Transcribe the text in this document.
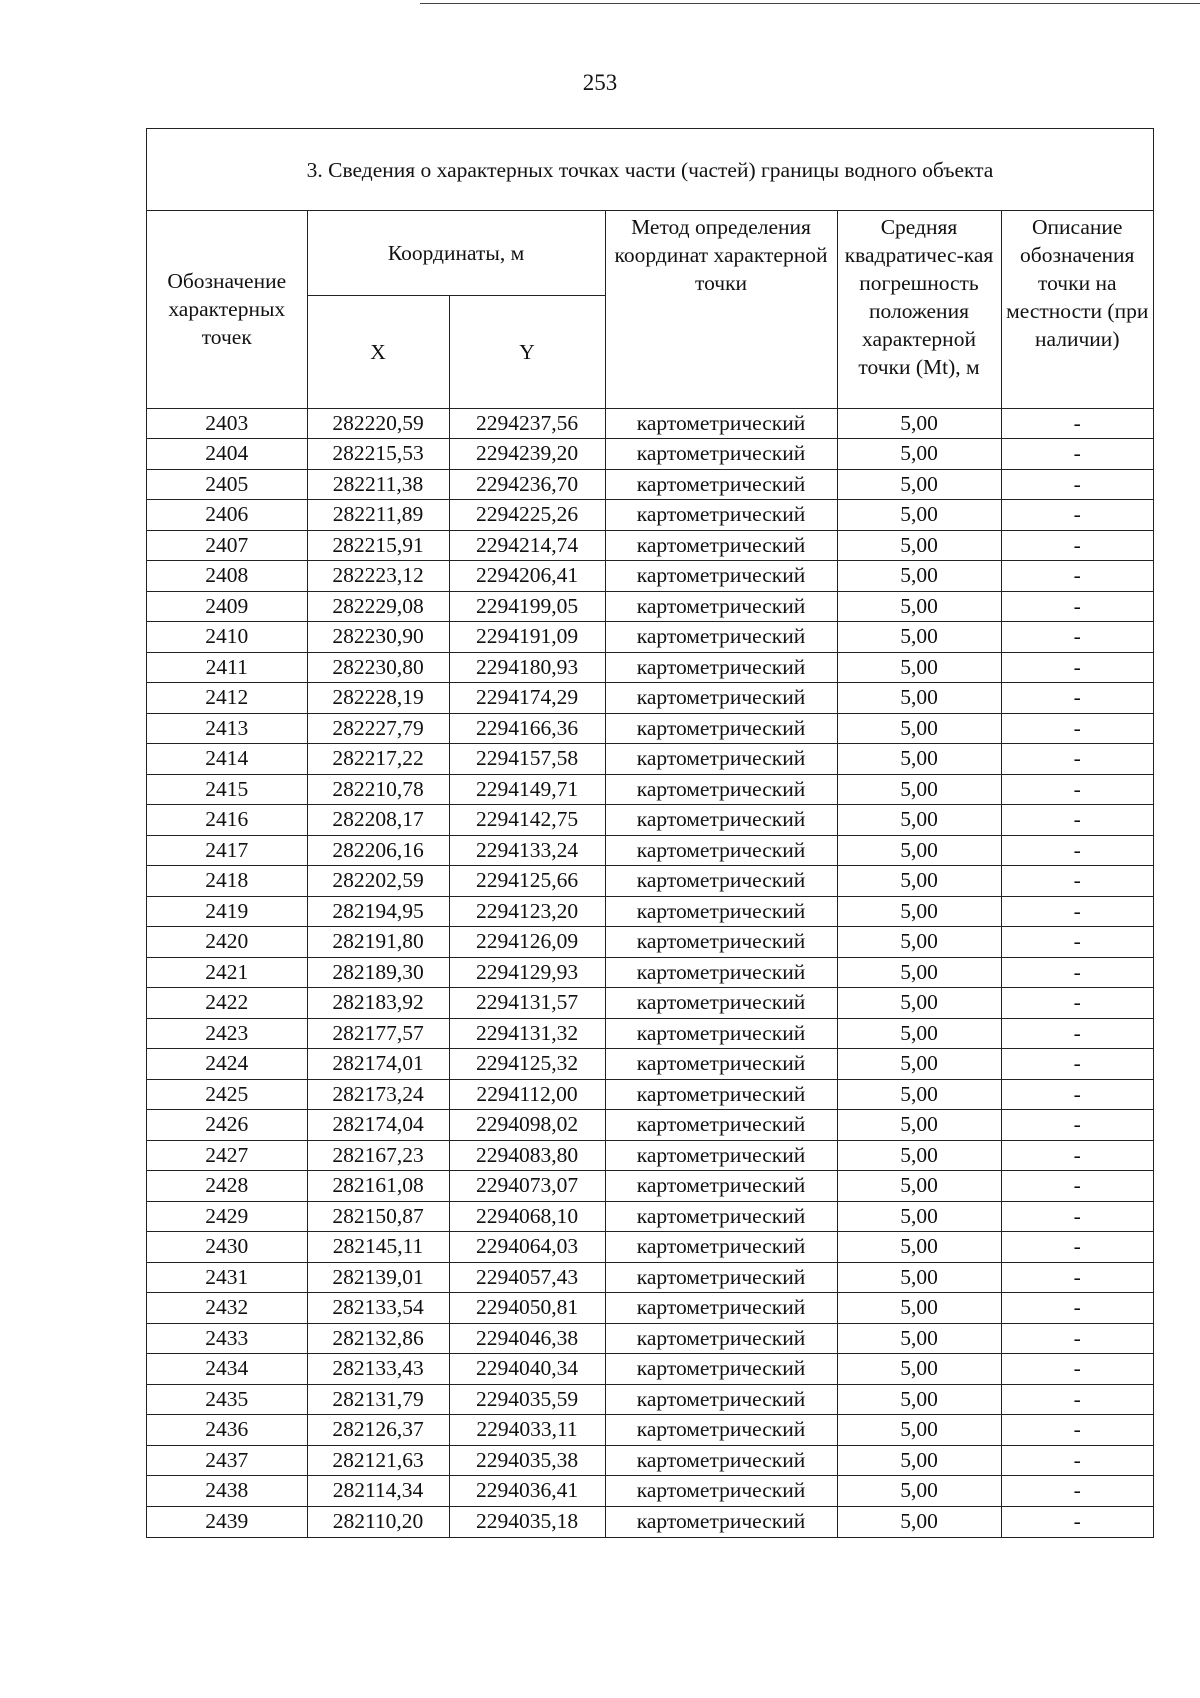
253
3. Сведения о характерных точках части (частей) границы водного объекта
Обозначение характерных точек	Координаты, м		Метод определения координат характерной точки	Средняя квадратичес-кая погрешность положения характерной точки (Mt), м	Описание обозначения точки на местности (при наличии)
	X	Y			
2403	282220,59	2294237,56	картометрический	5,00	-
2404	282215,53	2294239,20	картометрический	5,00	-
2405	282211,38	2294236,70	картометрический	5,00	-
2406	282211,89	2294225,26	картометрический	5,00	-
2407	282215,91	2294214,74	картометрический	5,00	-
2408	282223,12	2294206,41	картометрический	5,00	-
2409	282229,08	2294199,05	картометрический	5,00	-
2410	282230,90	2294191,09	картометрический	5,00	-
2411	282230,80	2294180,93	картометрический	5,00	-
2412	282228,19	2294174,29	картометрический	5,00	-
2413	282227,79	2294166,36	картометрический	5,00	-
2414	282217,22	2294157,58	картометрический	5,00	-
2415	282210,78	2294149,71	картометрический	5,00	-
2416	282208,17	2294142,75	картометрический	5,00	-
2417	282206,16	2294133,24	картометрический	5,00	-
2418	282202,59	2294125,66	картометрический	5,00	-
2419	282194,95	2294123,20	картометрический	5,00	-
2420	282191,80	2294126,09	картометрический	5,00	-
2421	282189,30	2294129,93	картометрический	5,00	-
2422	282183,92	2294131,57	картометрический	5,00	-
2423	282177,57	2294131,32	картометрический	5,00	-
2424	282174,01	2294125,32	картометрический	5,00	-
2425	282173,24	2294112,00	картометрический	5,00	-
2426	282174,04	2294098,02	картометрический	5,00	-
2427	282167,23	2294083,80	картометрический	5,00	-
2428	282161,08	2294073,07	картометрический	5,00	-
2429	282150,87	2294068,10	картометрический	5,00	-
2430	282145,11	2294064,03	картометрический	5,00	-
2431	282139,01	2294057,43	картометрический	5,00	-
2432	282133,54	2294050,81	картометрический	5,00	-
2433	282132,86	2294046,38	картометрический	5,00	-
2434	282133,43	2294040,34	картометрический	5,00	-
2435	282131,79	2294035,59	картометрический	5,00	-
2436	282126,37	2294033,11	картометрический	5,00	-
2437	282121,63	2294035,38	картометрический	5,00	-
2438	282114,34	2294036,41	картометрический	5,00	-
2439	282110,20	2294035,18	картометрический	5,00	-
